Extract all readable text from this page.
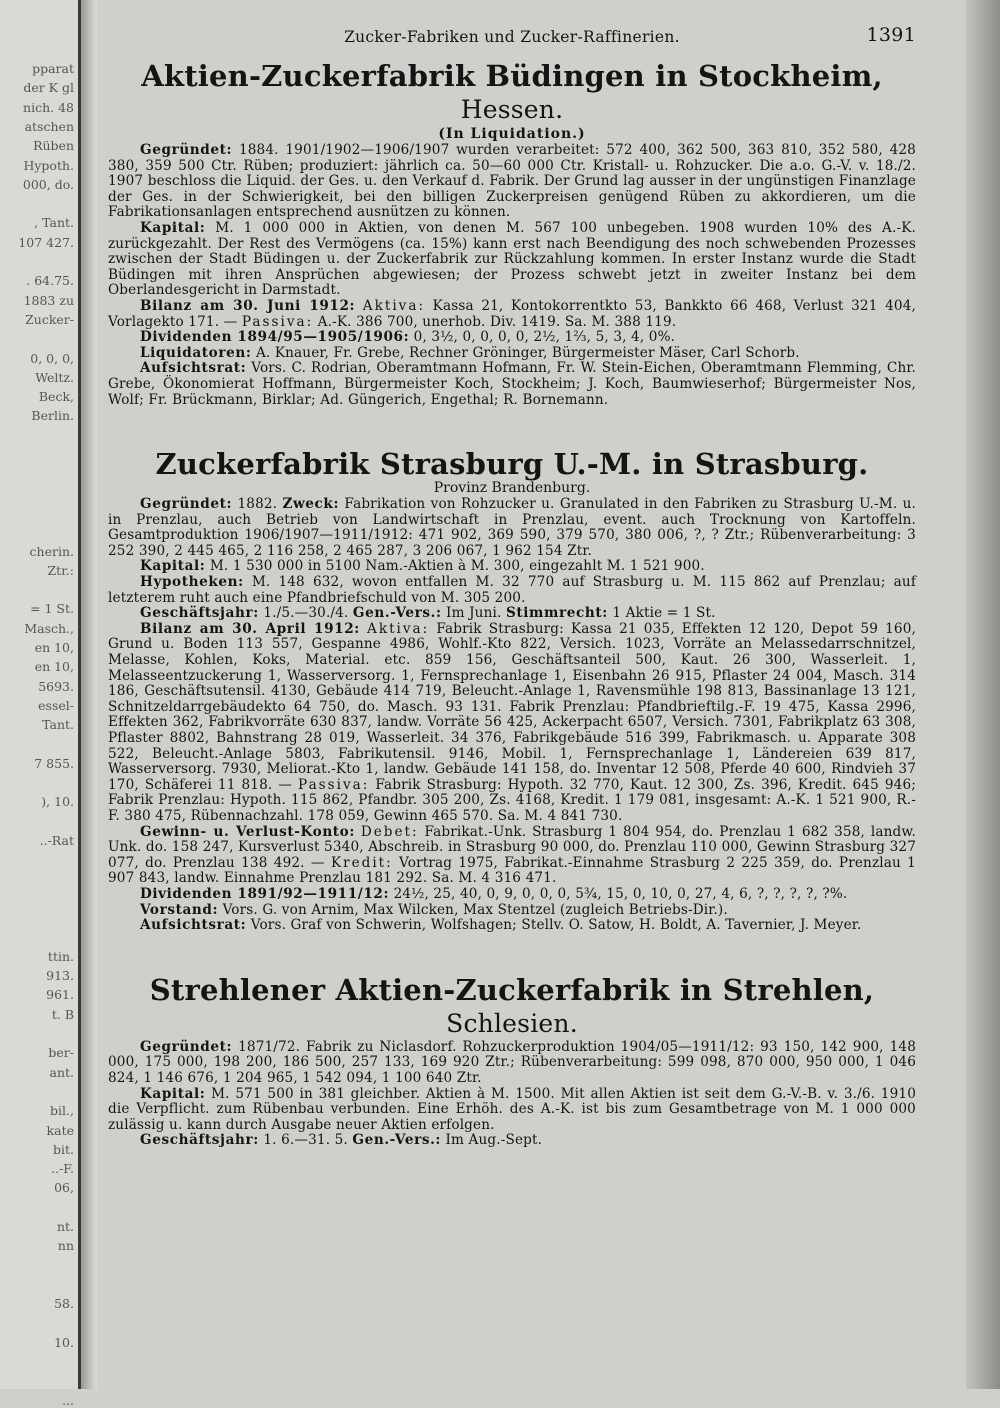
pparat
der K gl
nich. 48
atschen
Rüben
Hypoth.
000, do.
, Tant.
107 427.
. 64.75.
1883 zu
Zucker-
0, 0, 0,
Weltz.
Beck,
Berlin.
cherin.
Ztr.:
= 1 St.
Masch.,
en 10,
en 10,
5693.
essel-
Tant.
7 855.
), 10.
..-Rat
ttin.
913.
961.
t. B
ber-
ant.
bil.,
kate
bit.
..-F.
06,
nt.
nn
58.
10.
...
Zucker-Fabriken und Zucker-Raffinerien.	1391
Aktien-Zuckerfabrik Büdingen in Stockheim, Hessen.
(In Liquidation.)

Gegründet: 1884. 1901/1902—1906/1907 wurden verarbeitet: 572 400, 362 500, 363 810, 352 580, 428 380, 359 500 Ctr. Rüben; produziert: jährlich ca. 50—60 000 Ctr. Kristall- u. Rohzucker. Die a.o. G.-V. v. 18./2. 1907 beschloss die Liquid. der Ges. u. den Verkauf d. Fabrik. Der Grund lag ausser in der ungünstigen Finanzlage der Ges. in der Schwierigkeit, bei den billigen Zuckerpreisen genügend Rüben zu akkordieren, um die Fabrikationsanlagen entsprechend ausnützen zu können.

Kapital: M. 1 000 000 in Aktien, von denen M. 567 100 unbegeben. 1908 wurden 10% des A.-K. zurückgezahlt. Der Rest des Vermögens (ca. 15%) kann erst nach Beendigung des noch schwebenden Prozesses zwischen der Stadt Büdingen u. der Zuckerfabrik zur Rückzahlung kommen. In erster Instanz wurde die Stadt Büdingen mit ihren Ansprüchen abgewiesen; der Prozess schwebt jetzt in zweiter Instanz bei dem Oberlandesgericht in Darmstadt.

Bilanz am 30. Juni 1912: Aktiva: Kassa 21, Kontokorrentkto 53, Bankkto 66 468, Verlust 321 404, Vorlagekto 171. — Passiva: A.-K. 386 700, unerhob. Div. 1419. Sa. M. 388 119.

Dividenden 1894/95—1905/1906: 0, 3½, 0, 0, 0, 0, 2½, 1⅔, 5, 3, 4, 0%.

Liquidatoren: A. Knauer, Fr. Grebe, Rechner Gröninger, Bürgermeister Mäser, Carl Schorb.

Aufsichtsrat: Vors. C. Rodrian, Oberamtmann Hofmann, Fr. W. Stein-Eichen, Oberamtmann Flemming, Chr. Grebe, Ökonomierat Hoffmann, Bürgermeister Koch, Stockheim; J. Koch, Baumwieserhof; Bürgermeister Nos, Wolf; Fr. Brückmann, Birklar; Ad. Güngerich, Engethal; R. Bornemann.

Zuckerfabrik Strasburg U.-M. in Strasburg.
Provinz Brandenburg.

Gegründet: 1882. Zweck: Fabrikation von Rohzucker u. Granulated in den Fabriken zu Strasburg U.-M. u. in Prenzlau, auch Betrieb von Landwirtschaft in Prenzlau, event. auch Trocknung von Kartoffeln. Gesamtproduktion 1906/1907—1911/1912: 471 902, 369 590, 379 570, 380 006, ?, ? Ztr.; Rübenverarbeitung: 3 252 390, 2 445 465, 2 116 258, 2 465 287, 3 206 067, 1 962 154 Ztr.

Kapital: M. 1 530 000 in 5100 Nam.-Aktien à M. 300, eingezahlt M. 1 521 900.

Hypotheken: M. 148 632, wovon entfallen M. 32 770 auf Strasburg u. M. 115 862 auf Prenzlau; auf letzterem ruht auch eine Pfandbriefschuld von M. 305 200.

Geschäftsjahr: 1./5.—30./4. Gen.-Vers.: Im Juni. Stimmrecht: 1 Aktie = 1 St.

Bilanz am 30. April 1912: Aktiva: Fabrik Strasburg: Kassa 21 035, Effekten 12 120, Depot 59 160, Grund u. Boden 113 557, Gespanne 4986, Wohlf.-Kto 822, Versich. 1023, Vorräte an Melassedarrschnitzel, Melasse, Kohlen, Koks, Material. etc. 859 156, Geschäftsanteil 500, Kaut. 26 300, Wasserleit. 1, Melasseentzuckerung 1, Wasserversorg. 1, Fernsprechanlage 1, Eisenbahn 26 915, Pflaster 24 004, Masch. 314 186, Geschäftsutensil. 4130, Gebäude 414 719, Beleucht.-Anlage 1, Ravensmühle 198 813, Bassinanlage 13 121, Schnitzeldarrgebäudekto 64 750, do. Masch. 93 131. Fabrik Prenzlau: Pfandbrieftilg.-F. 19 475, Kassa 2996, Effekten 362, Fabrikvorräte 630 837, landw. Vorräte 56 425, Ackerpacht 6507, Versich. 7301, Fabrikplatz 63 308, Pflaster 8802, Bahnstrang 28 019, Wasserleit. 34 376, Fabrikgebäude 516 399, Fabrikmasch. u. Apparate 308 522, Beleucht.-Anlage 5803, Fabrikutensil. 9146, Mobil. 1, Fernsprechanlage 1, Ländereien 639 817, Wasserversorg. 7930, Meliorat.-Kto 1, landw. Gebäude 141 158, do. Inventar 12 508, Pferde 40 600, Rindvieh 37 170, Schäferei 11 818. — Passiva: Fabrik Strasburg: Hypoth. 32 770, Kaut. 12 300, Zs. 396, Kredit. 645 946; Fabrik Prenzlau: Hypoth. 115 862, Pfandbr. 305 200, Zs. 4168, Kredit. 1 179 081, insgesamt: A.-K. 1 521 900, R.-F. 380 475, Rübennachzahl. 178 059, Gewinn 465 570. Sa. M. 4 841 730.

Gewinn- u. Verlust-Konto: Debet: Fabrikat.-Unk. Strasburg 1 804 954, do. Prenzlau 1 682 358, landw. Unk. do. 158 247, Kursverlust 5340, Abschreib. in Strasburg 90 000, do. Prenzlau 110 000, Gewinn Strasburg 327 077, do. Prenzlau 138 492. — Kredit: Vortrag 1975, Fabrikat.-Einnahme Strasburg 2 225 359, do. Prenzlau 1 907 843, landw. Einnahme Prenzlau 181 292. Sa. M. 4 316 471.

Dividenden 1891/92—1911/12: 24½, 25, 40, 0, 9, 0, 0, 0, 5¾, 15, 0, 10, 0, 27, 4, 6, ?, ?, ?, ?, ?%.

Vorstand: Vors. G. von Arnim, Max Wilcken, Max Stentzel (zugleich Betriebs-Dir.).

Aufsichtsrat: Vors. Graf von Schwerin, Wolfshagen; Stellv. O. Satow, H. Boldt, A. Tavernier, J. Meyer.

Strehlener Aktien-Zuckerfabrik in Strehlen, Schlesien.

Gegründet: 1871/72. Fabrik zu Niclasdorf. Rohzuckerproduktion 1904/05—1911/12: 93 150, 142 900, 148 000, 175 000, 198 200, 186 500, 257 133, 169 920 Ztr.; Rübenverarbeitung: 599 098, 870 000, 950 000, 1 046 824, 1 146 676, 1 204 965, 1 542 094, 1 100 640 Ztr.

Kapital: M. 571 500 in 381 gleichber. Aktien à M. 1500. Mit allen Aktien ist seit dem G.-V.-B. v. 3./6. 1910 die Verpflicht. zum Rübenbau verbunden. Eine Erhöh. des A.-K. ist bis zum Gesamtbetrage von M. 1 000 000 zulässig u. kann durch Ausgabe neuer Aktien erfolgen.

Geschäftsjahr: 1. 6.—31. 5. Gen.-Vers.: Im Aug.-Sept.
